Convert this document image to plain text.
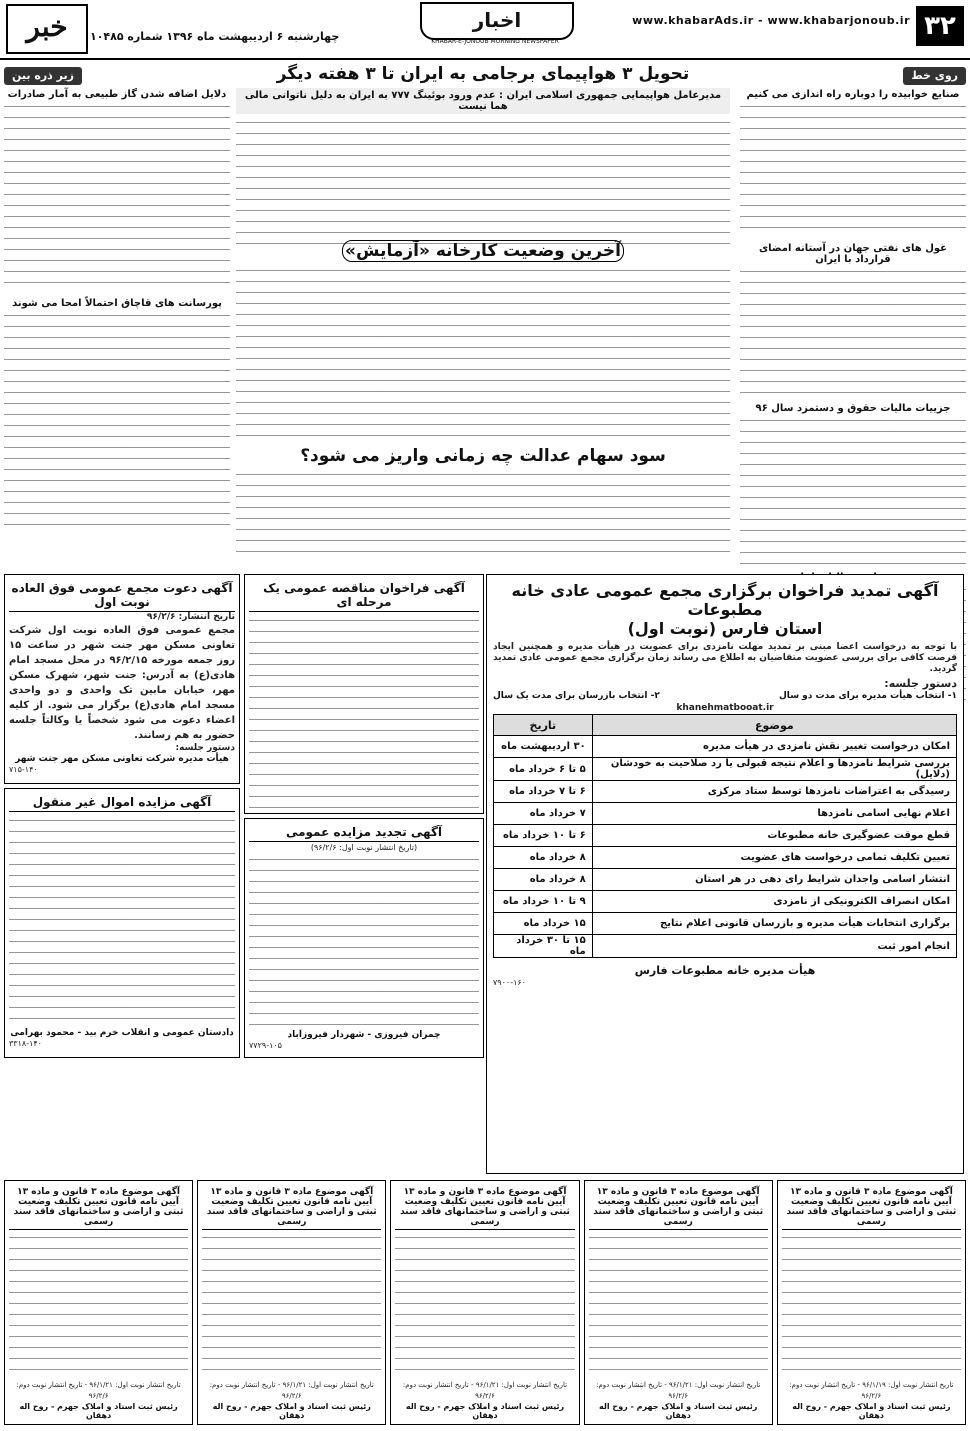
۳۲
www.khabarAds.ir - www.khabarjonoub.ir
اخبار
KHABAR-E-JONOUB MORNING NEWSPAPER
چهارشنبه ۶ اردیبهشت ماه ۱۳۹۶ شماره ۱۰۴۸۵
خبر
روی خط
صنایع خوابیده را دوباره راه اندازی می کنیم
غول های نفتی جهان در آستانه امضای قرارداد با ایران
جزییات مالیات حقوق و دستمزد سال ۹۶
زیر ذره بین
دلایل اضافه شدن گاز طبیعی به آمار صادرات
پورسانت های قاچاق احتمالاً امحا می شوند
تحویل ۳ هواپیمای برجامی به ایران تا ۳ هفته دیگر
مدیرعامل هواپیمایی جمهوری اسلامی ایران : عدم ورود بوئینگ ۷۷۷ به ایران به دلیل ناتوانی مالی هما نیست
آخرین وضعیت کارخانه «آزمایش»
سود سهام عدالت چه زمانی واریز می شود؟
آگهی دعوت مجمع عمومی فوق العاده نوبت اول
تاریخ انتشار: ۹۶/۲/۶
مجمع عمومی فوق العاده نوبت اول شرکت تعاونی مسکن مهر جنت شهر در ساعت ۱۵ روز جمعه مورخه ۹۶/۲/۱۵ در محل مسجد امام هادی(ع) به آدرس: جنت شهر، شهرک مسکن مهر، خیابان مابین تک واحدی و دو واحدی مسجد امام هادی(ع) برگزار می شود. از کلیه اعضاء دعوت می شود شخصاً یا وکالتاً جلسه حضور به هم رسانند.
دستور جلسه:
هیأت مدیره شرکت تعاونی مسکن مهر جنت شهر
۷۱۵-۱۴۰
آگهی فراخوان مناقصه عمومی یک مرحله ای
آگهی تمدید فراخوان برگزاری مجمع عمومی عادی خانه مطبوعات
استان فارس (نوبت اول)
با توجه به درخواست اعضا مبنی بر تمدید مهلت نامزدی برای عضویت در هیأت مدیره و همچنین ایجاد فرصت کافی برای بررسی عضویت متقاضیان به اطلاع می رساند زمان برگزاری مجمع عمومی عادی تمدید گردید.
دستور جلسه:
۱- انتخاب هیأت مدیره برای مدت دو سال
۲- انتخاب بازرسان برای مدت یک سال
khanehmatbooat.ir
موضوع	تاریخ
امکان درخواست تغییر نقش نامزدی در هیأت مدیره	۳۰ اردیبهشت ماه
بررسی شرایط نامزدها و اعلام نتیجه قبولی یا رد صلاحیت به خودشان (دلایل)	۵ تا ۶ خرداد ماه
رسیدگی به اعتراضات نامزدها توسط ستاد مرکزی	۶ تا ۷ خرداد ماه
اعلام نهایی اسامی نامزدها	۷ خرداد ماه
قطع موقت عضوگیری خانه مطبوعات	۶ تا ۱۰ خرداد ماه
تعیین تکلیف تمامی درخواست های عضویت	۸ خرداد ماه
انتشار اسامی واجدان شرایط رای دهی در هر استان	۸ خرداد ماه
امکان انصراف الکترونیکی از نامزدی	۹ تا ۱۰ خرداد ماه
برگزاری انتخابات هیأت مدیره و بازرسان قانونی اعلام نتایج	۱۵ خرداد ماه
انجام امور ثبت	۱۵ تا ۳۰ خرداد ماه
هیأت مدیره خانه مطبوعات فارس
۷۹۰۰-۱۶۰
آگهی مزایده اموال غیر منقول
دادستان عمومی و انقلاب خرم بید - محمود بهرامی
۳۳۱۸-۱۴۰
آگهی تجدید مزایده عمومی
(تاریخ انتشار نوبت اول: ۹۶/۲/۶)
چمران فیروزی - شهردار فیروزآباد
۷۷۲۹-۱۰۵
آگهی موضوع ماده ۳ قانون و ماده ۱۳ آیین نامه قانون تعیین تکلیف وضعیت ثبتی و اراضی و ساختمانهای فاقد سند رسمی
تاریخ انتشار نوبت اول: ۹۶/۱/۱۹ - تاریخ انتشار نوبت دوم: ۹۶/۲/۶
رئیس ثبت اسناد و املاک جهرم - روح اله دهقان
آگهی موضوع ماده ۳ قانون و ماده ۱۳ آیین نامه قانون تعیین تکلیف وضعیت ثبتی و اراضی و ساختمانهای فاقد سند رسمی
تاریخ انتشار نوبت اول: ۹۶/۱/۲۱ - تاریخ انتشار نوبت دوم: ۹۶/۲/۶
رئیس ثبت اسناد و املاک جهرم - روح اله دهقان
آگهی موضوع ماده ۳ قانون و ماده ۱۳ آیین نامه قانون تعیین تکلیف وضعیت ثبتی و اراضی و ساختمانهای فاقد سند رسمی
تاریخ انتشار نوبت اول: ۹۶/۱/۲۱ - تاریخ انتشار نوبت دوم: ۹۶/۲/۶
رئیس ثبت اسناد و املاک جهرم - روح اله دهقان
آگهی موضوع ماده ۳ قانون و ماده ۱۳ آیین نامه قانون تعیین تکلیف وضعیت ثبتی و اراضی و ساختمانهای فاقد سند رسمی
تاریخ انتشار نوبت اول: ۹۶/۱/۲۱ - تاریخ انتشار نوبت دوم: ۹۶/۲/۶
رئیس ثبت اسناد و املاک جهرم - روح اله دهقان
آگهی موضوع ماده ۳ قانون و ماده ۱۳ آیین نامه قانون تعیین تکلیف وضعیت ثبتی و اراضی و ساختمانهای فاقد سند رسمی
تاریخ انتشار نوبت اول: ۹۶/۱/۲۱ - تاریخ انتشار نوبت دوم: ۹۶/۲/۶
رئیس ثبت اسناد و املاک جهرم - روح اله دهقان
